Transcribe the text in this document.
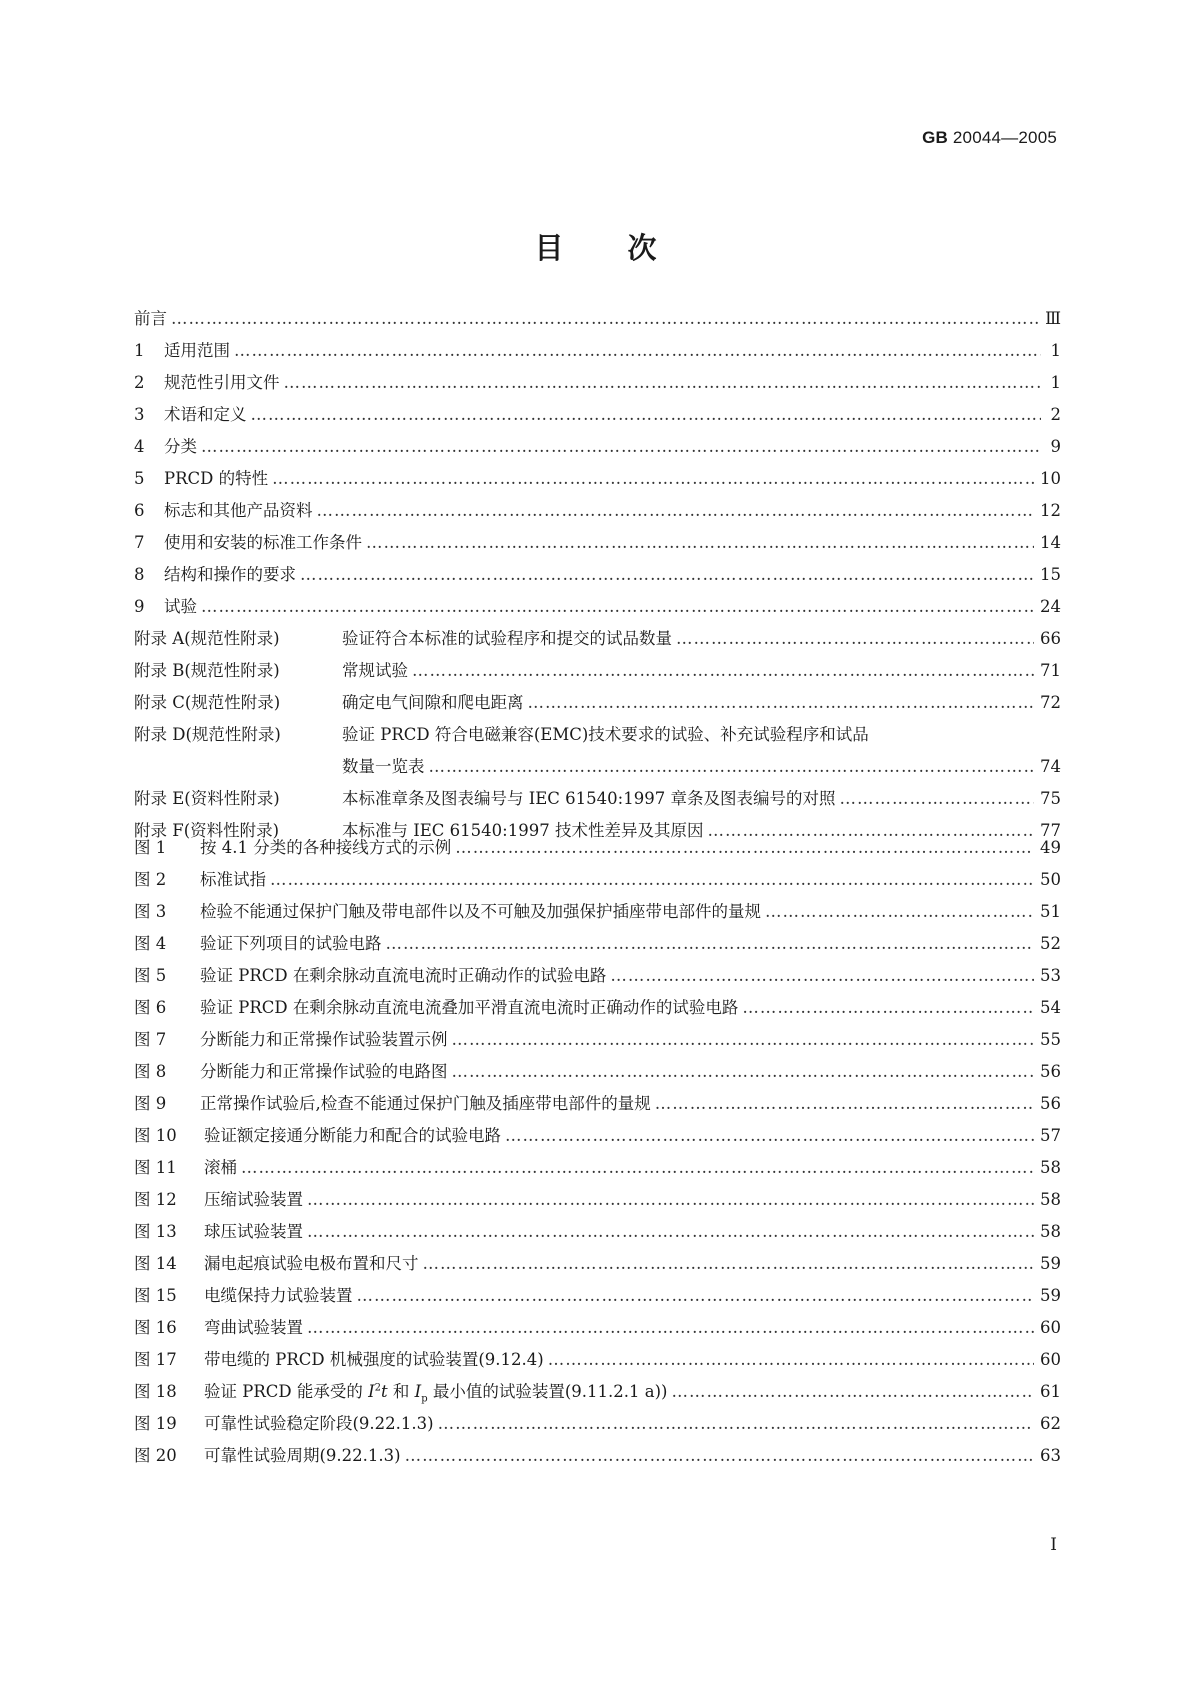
GB 20044—2005
目次
前言 ………………………………………………………………………………………………………………………………………………………………………………………………………………………	Ⅲ
1	适用范围 ………………………………………………………………………………………………………………………………………………………………………………………………………………………	1
2	规范性引用文件 ………………………………………………………………………………………………………………………………………………………………………………………………………………………	1
3	术语和定义 ………………………………………………………………………………………………………………………………………………………………………………………………………………………	2
4	分类 ………………………………………………………………………………………………………………………………………………………………………………………………………………………	9
5	PRCD 的特性 ………………………………………………………………………………………………………………………………………………………………………………………………………………………	10
6	标志和其他产品资料 ………………………………………………………………………………………………………………………………………………………………………………………………………………………	12
7	使用和安装的标准工作条件 ………………………………………………………………………………………………………………………………………………………………………………………………………………………	14
8	结构和操作的要求 ………………………………………………………………………………………………………………………………………………………………………………………………………………………	15
9	试验 ………………………………………………………………………………………………………………………………………………………………………………………………………………………	24
附录 A(规范性附录)	验证符合本标准的试验程序和提交的试品数量 ………………………………………………………………………………………………………………………………………………………………………………………………………………………	66
附录 B(规范性附录)	常规试验 ………………………………………………………………………………………………………………………………………………………………………………………………………………………	71
附录 C(规范性附录)	确定电气间隙和爬电距离 ………………………………………………………………………………………………………………………………………………………………………………………………………………………	72
附录 D(规范性附录)	验证 PRCD 符合电磁兼容(EMC)技术要求的试验、补充试验程序和试品
数量一览表 ………………………………………………………………………………………………………………………………………………………………………………………………………………………	74
附录 E(资料性附录)	本标准章条及图表编号与 IEC 61540:1997 章条及图表编号的对照 ………………………………………………………………………………………………………………………………………………………………………………………………………………………	75
附录 F(资料性附录)	本标准与 IEC 61540:1997 技术性差异及其原因 ………………………………………………………………………………………………………………………………………………………………………………………………………………………	77
图 1	按 4.1 分类的各种接线方式的示例 ………………………………………………………………………………………………………………………………………………………………………………………………………………………	49
图 2	标准试指 ………………………………………………………………………………………………………………………………………………………………………………………………………………………	50
图 3	检验不能通过保护门触及带电部件以及不可触及加强保护插座带电部件的量规 ………………………………………………………………………………………………………………………………………………………………………………………………………………………	51
图 4	验证下列项目的试验电路 ………………………………………………………………………………………………………………………………………………………………………………………………………………………	52
图 5	验证 PRCD 在剩余脉动直流电流时正确动作的试验电路 ………………………………………………………………………………………………………………………………………………………………………………………………………………………	53
图 6	验证 PRCD 在剩余脉动直流电流叠加平滑直流电流时正确动作的试验电路 ………………………………………………………………………………………………………………………………………………………………………………………………………………………	54
图 7	分断能力和正常操作试验装置示例 ………………………………………………………………………………………………………………………………………………………………………………………………………………………	55
图 8	分断能力和正常操作试验的电路图 ………………………………………………………………………………………………………………………………………………………………………………………………………………………	56
图 9	正常操作试验后,检查不能通过保护门触及插座带电部件的量规 ………………………………………………………………………………………………………………………………………………………………………………………………………………………	56
图 10	验证额定接通分断能力和配合的试验电路 ………………………………………………………………………………………………………………………………………………………………………………………………………………………	57
图 11	滚桶 ………………………………………………………………………………………………………………………………………………………………………………………………………………………	58
图 12	压缩试验装置 ………………………………………………………………………………………………………………………………………………………………………………………………………………………	58
图 13	球压试验装置 ………………………………………………………………………………………………………………………………………………………………………………………………………………………	58
图 14	漏电起痕试验电极布置和尺寸 ………………………………………………………………………………………………………………………………………………………………………………………………………………………	59
图 15	电缆保持力试验装置 ………………………………………………………………………………………………………………………………………………………………………………………………………………………	59
图 16	弯曲试验装置 ………………………………………………………………………………………………………………………………………………………………………………………………………………………	60
图 17	带电缆的 PRCD 机械强度的试验装置(9.12.4) ………………………………………………………………………………………………………………………………………………………………………………………………………………………	60
图 18	验证 PRCD 能承受的 $I^2t$ 和 $I_p$ 最小值的试验装置(9.11.2.1 a)) ………………………………………………………………………………………………………………………………………………………………………………………………………………………	61
图 19	可靠性试验稳定阶段(9.22.1.3) ………………………………………………………………………………………………………………………………………………………………………………………………………………………	62
图 20	可靠性试验周期(9.22.1.3) ………………………………………………………………………………………………………………………………………………………………………………………………………………………	63
I
